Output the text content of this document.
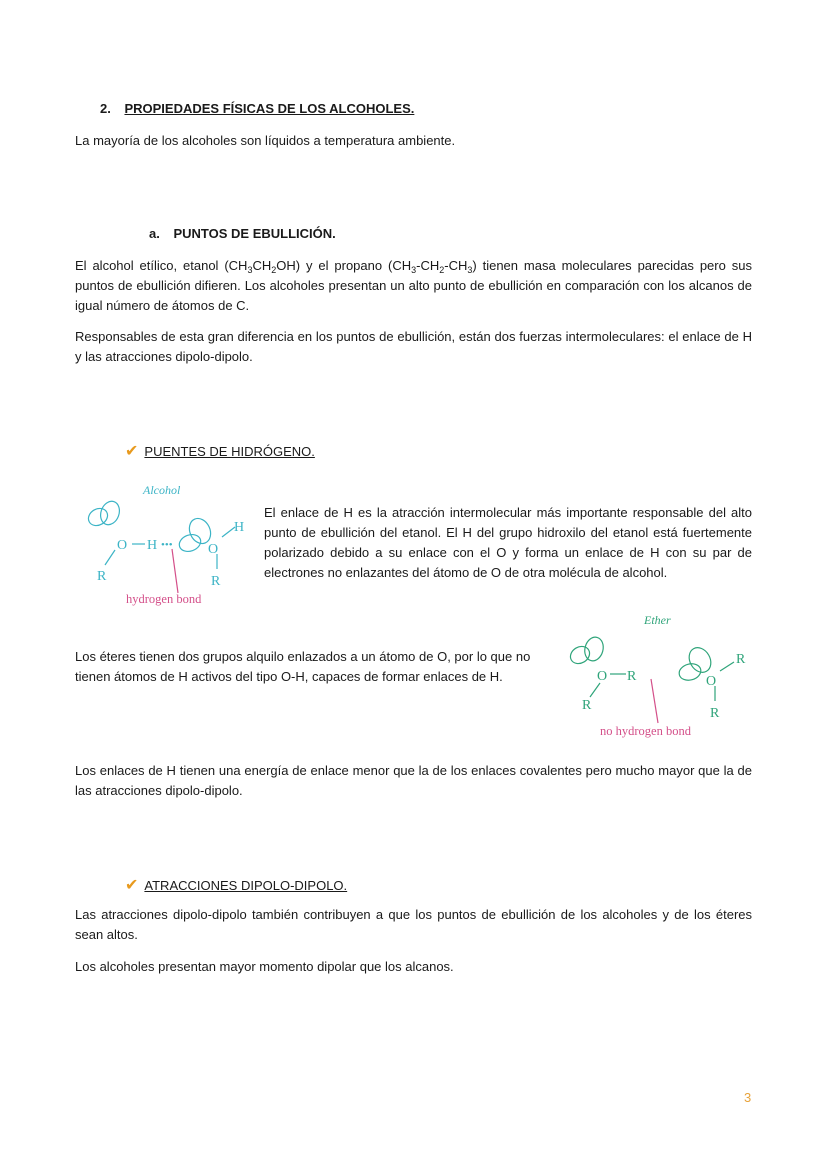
2. PROPIEDADES FÍSICAS DE LOS ALCOHOLES.

La mayoría de los alcoholes son líquidos a temperatura ambiente.

a. PUNTOS DE EBULLICIÓN.

El alcohol etílico, etanol $(CH_3CH_2OH)$ y el propano $(CH_3-CH_2-CH_3)$ tienen masa moleculares parecidas pero sus puntos de ebullición difieren. Los alcoholes presentan un alto punto de ebullición en comparación con los alcanos de igual número de átomos de C.

Responsables de esta gran diferencia en los puntos de ebullición, están dos fuerzas intermoleculares: el enlace de H y las atracciones dipolo-dipolo.

✔ PUENTES DE HIDRÓGENO.
Alcohol
O H •••
R
O
H
R
hydrogen bond

El enlace de H es la atracción intermolecular más importante responsable del alto punto de ebullición del etanol. El H del grupo hidroxilo del etanol está fuertemente polarizado debido a su enlace con el O y forma un enlace de H con su par de electrones no enlazantes del átomo de O de otra molécula de alcohol.

Los éteres tienen dos grupos alquilo enlazados a un átomo de O, por lo que no tienen átomos de H activos del tipo O-H, capaces de formar enlaces de H.

Ether
O R
R
O
R
R
no hydrogen bond

Los enlaces de H tienen una energía de enlace menor que la de los enlaces covalentes pero mucho mayor que la de las atracciones dipolo-dipolo.

✔ ATRACCIONES DIPOLO-DIPOLO.

Las atracciones dipolo-dipolo también contribuyen a que los puntos de ebullición de los alcoholes y de los éteres sean altos.

Los alcoholes presentan mayor momento dipolar que los alcanos.

3
